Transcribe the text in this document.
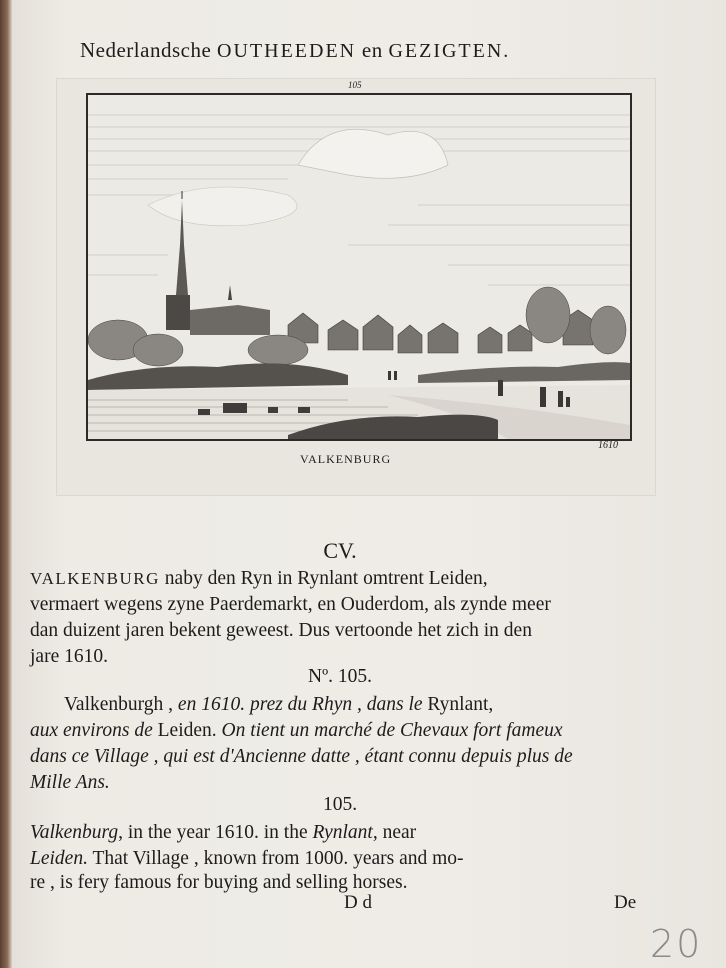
Nederlandsche OUTHEEDEN en GEZIGTEN.
105
VALKENBURG
1610
CV.
VALKENBURG naby den Ryn in Rynlant omtrent Leiden,
vermaert wegens zyne Paerdemarkt, en Ouderdom, als zynde meer
dan duizent jaren bekent geweest. Dus vertoonde het zich in den
jare 1610.
Nº. 105.
Valkenburgh , en 1610. prez du Rhyn , dans le Rynlant,
aux environs de Leiden. On tient un marché de Chevaux fort fameux
dans ce Village , qui est d'Ancienne datte , étant connu depuis plus de
Mille Ans.
105.
Valkenburg, in the year 1610. in the Rynlant, near
Leiden. That Village , known from 1000. years and mo-
re , is fery famous for buying and selling horses.
D d	De
20
